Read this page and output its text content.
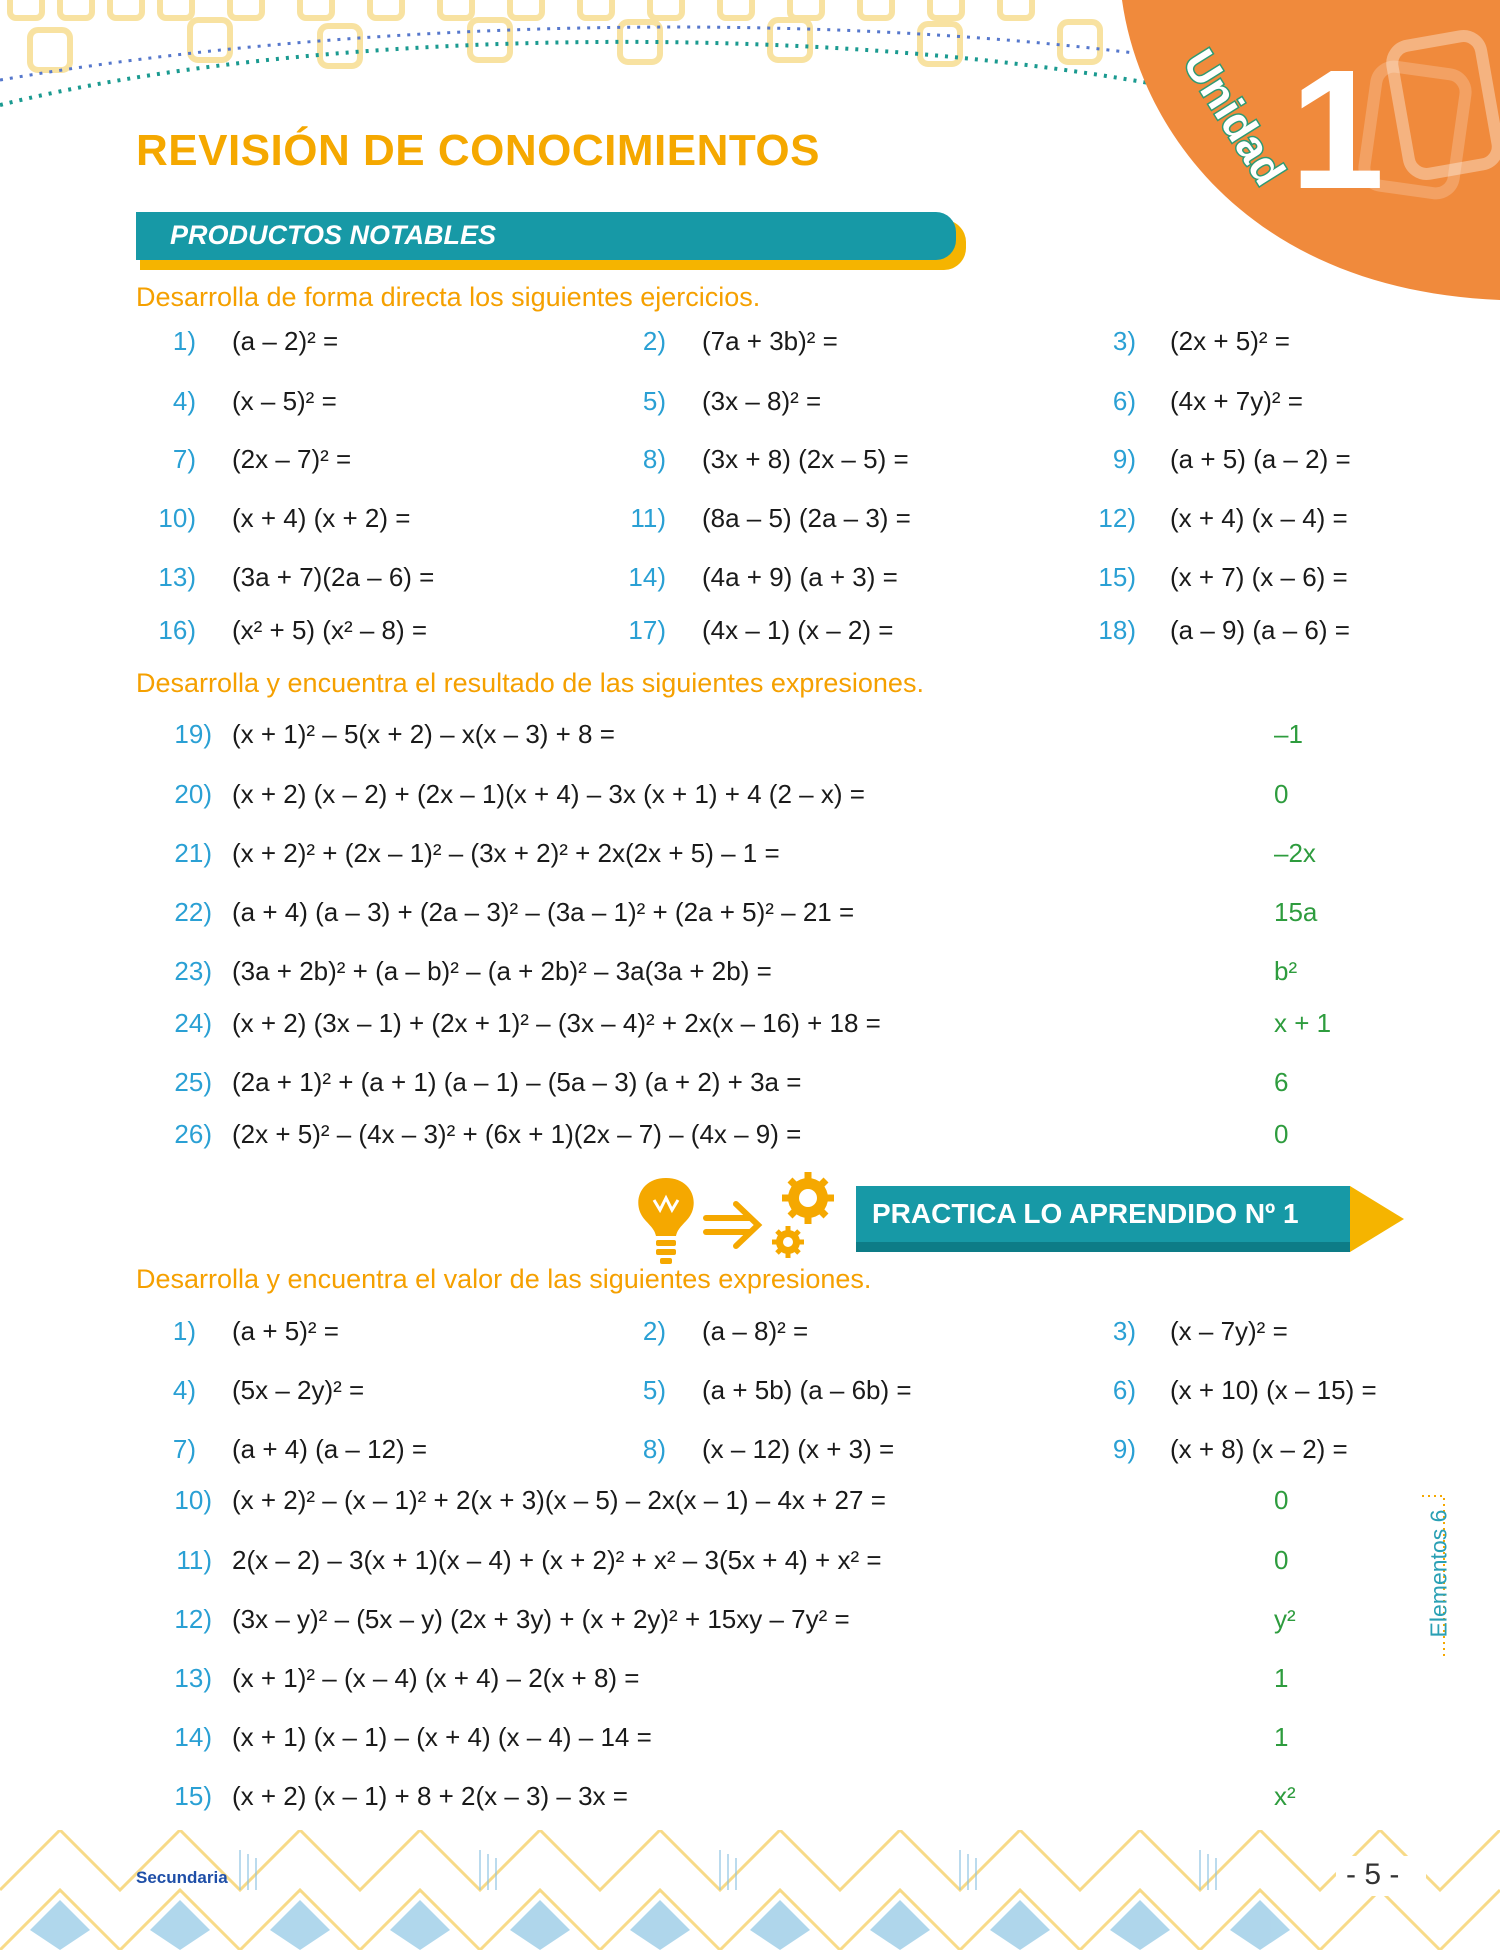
1
Unidad
REVISIÓN DE CONOCIMIENTOS
PRODUCTOS NOTABLES
Desarrolla de forma directa los siguientes ejercicios.
1) (a – 2)² =	2) (7a + 3b)² =	3) (2x + 5)² =
4) (x – 5)² =	5) (3x – 8)² =	6) (4x + 7y)² =
7) (2x – 7)² =	8) (3x + 8) (2x – 5) =	9) (a + 5) (a – 2) =
10) (x + 4) (x + 2) =	11) (8a – 5) (2a – 3) =	12) (x + 4) (x – 4) =
13) (3a + 7)(2a – 6) =	14) (4a + 9) (a + 3) =	15) (x + 7) (x – 6) =
16) (x² + 5) (x² – 8) =	17) (4x – 1) (x – 2) =	18) (a – 9) (a – 6) =
Desarrolla y encuentra el resultado de las siguientes expresiones.
19) (x + 1)² – 5(x + 2) – x(x – 3) + 8 =	–1
20) (x + 2) (x – 2) + (2x – 1)(x + 4) – 3x (x + 1) + 4 (2 – x) =	0
21) (x + 2)² + (2x – 1)² – (3x + 2)² + 2x(2x + 5) – 1 =	–2x
22) (a + 4) (a – 3) + (2a – 3)² – (3a – 1)² + (2a + 5)² – 21 =	15a
23) (3a + 2b)² + (a – b)² – (a + 2b)² – 3a(3a + 2b) =	b²
24) (x + 2) (3x – 1) + (2x + 1)² – (3x – 4)² + 2x(x – 16) + 18 =	x + 1
25) (2a + 1)² + (a + 1) (a – 1) – (5a – 3) (a + 2) + 3a =	6
26) (2x + 5)² – (4x – 3)² + (6x + 1)(2x – 7) – (4x – 9) =	0
PRACTICA LO APRENDIDO Nº 1
Desarrolla y encuentra el valor de las siguientes expresiones.
1) (a + 5)² =	2) (a – 8)² =	3) (x – 7y)² =
4) (5x – 2y)² =	5) (a + 5b) (a – 6b) =	6) (x + 10) (x – 15) =
7) (a + 4) (a – 12) =	8) (x – 12) (x + 3) =	9) (x + 8) (x – 2) =
10) (x + 2)² – (x – 1)² + 2(x + 3)(x – 5) – 2x(x – 1) – 4x + 27 =	0
11) 2(x – 2) – 3(x + 1)(x – 4) + (x + 2)² + x² – 3(5x + 4) + x² =	0
12) (3x – y)² – (5x – y) (2x + 3y) + (x + 2y)² + 15xy – 7y² =	y²
13) (x + 1)² – (x – 4) (x + 4) – 2(x + 8) =	1
14) (x + 1) (x – 1) – (x + 4) (x – 4) – 14 =	1
15) (x + 2) (x – 1) + 8 + 2(x – 3) – 3x =	x²
Elementos 6
Secundaria	- 5 -
